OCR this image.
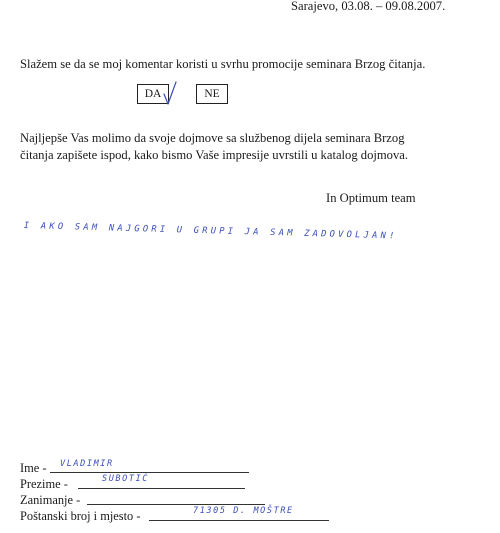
Sarajevo, 03.08. – 09.08.2007.
Slažem se da se moj komentar koristi u svrhu promocije seminara Brzog čitanja.
DA	NE
Najljepše Vas molimo da svoje dojmove sa službenog dijela seminara Brzog
čitanja zapišete ispod, kako bismo Vaše impresije uvrstili u katalog dojmova.
In Optimum team
I AKO SAM NAJGORI U GRUPI JA SAM ZADOVOLJAN!
Ime - VLADIMIR
Prezime -	SUBOTIĆ
Zanimanje -
Poštanski broj i mjesto -	71305 D. MOŠTRE
